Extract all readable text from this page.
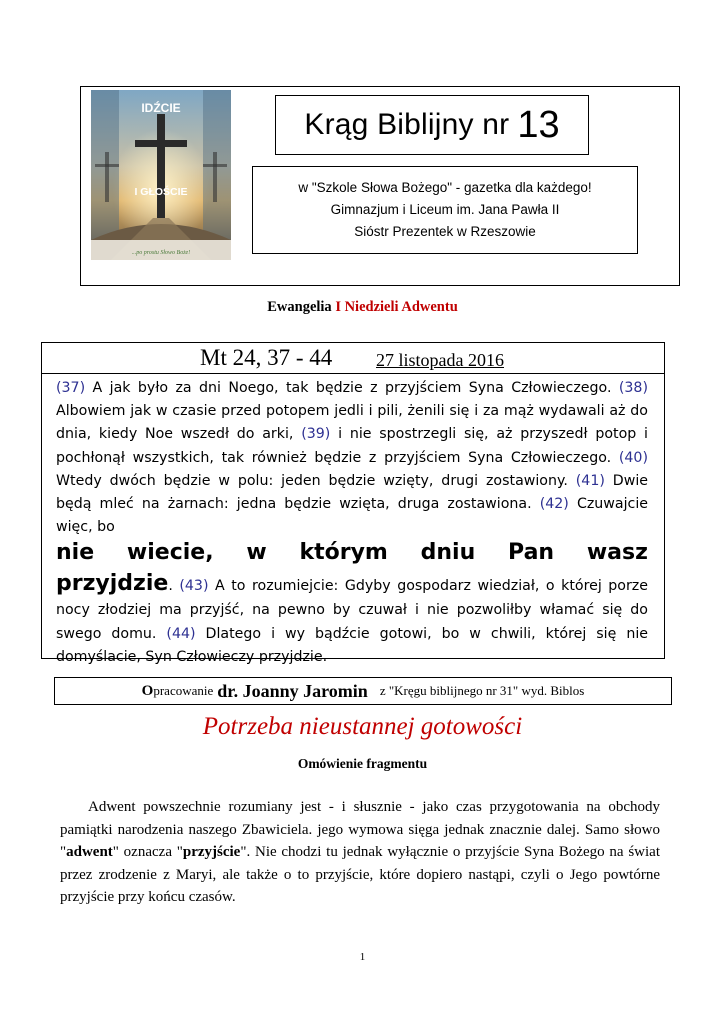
IDŹCIE
I GŁOŚCIE
...po prostu Słowo Boże!
Krąg Biblijny nr 13
w "Szkole Słowa Bożego" - gazetka dla każdego!
Gimnazjum i Liceum im. Jana Pawła II
Sióstr Prezentek w Rzeszowie
Ewangelia I Niedzieli Adwentu
Mt 24, 37 - 44 27 listopada 2016
(37) A jak było za dni Noego, tak będzie z przyjściem Syna Człowieczego. (38) Albowiem jak w czasie przed potopem jedli i pili, żenili się i za mąż wydawali aż do dnia, kiedy Noe wszedł do arki, (39) i nie spostrzegli się, aż przyszedł potop i pochłonął wszystkich, tak również będzie z przyjściem Syna Człowieczego. (40) Wtedy dwóch będzie w polu: jeden będzie wzięty, drugi zostawiony. (41) Dwie będą mleć na żarnach: jedna będzie wzięta, druga zostawiona. (42) Czuwajcie więc, bo
nie wiecie, w którym dniu Pan wasz
przyjdzie. (43) A to rozumiejcie: Gdyby gospodarz wiedział, o której porze nocy złodziej ma przyjść, na pewno by czuwał i nie pozwoliłby włamać się do swego domu. (44) Dlatego i wy bądźcie gotowi, bo w chwili, której się nie domyślacie, Syn Człowieczy przyjdzie.
O pracowanie dr. Joanny Jaromin z "Kręgu biblijnego nr 31" wyd. Biblos
Potrzeba nieustannej gotowości
Omówienie fragmentu
Adwent powszechnie rozumiany jest - i słusznie - jako czas przygotowania na obchody pamiątki narodzenia naszego Zbawiciela. jego wymowa sięga jednak znacznie dalej. Samo słowo "adwent" oznacza "przyjście". Nie chodzi tu jednak wyłącznie o przyjście Syna Bożego na świat przez zrodzenie z Maryi, ale także o to przyjście, które dopiero nastąpi, czyli o Jego powtórne przyjście przy końcu czasów.
1
